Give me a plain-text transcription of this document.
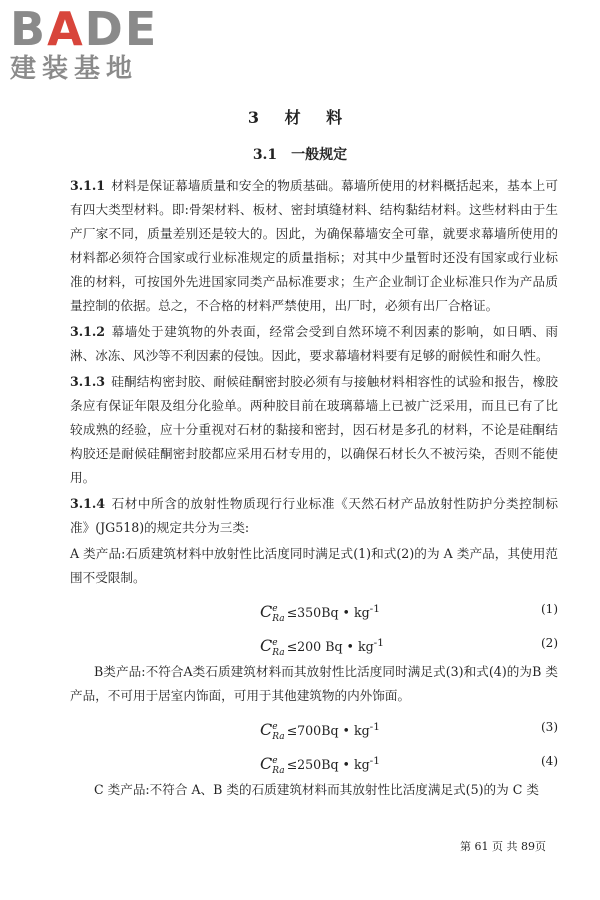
BADE
建装基地
3 材 料
3.1　一般规定

3.1.1 材料是保证幕墙质量和安全的物质基础。幕墙所使用的材料概括起来，基本上可有四大类型材料。即:骨架材料、板材、密封填缝材料、结构黏结材料。这些材料由于生产厂家不同，质量差别还是较大的。因此，为确保幕墙安全可靠，就要求幕墙所使用的材料都必须符合国家或行业标准规定的质量指标；对其中少量暂时还没有国家或行业标准的材料，可按国外先进国家同类产品标准要求；生产企业制订企业标准只作为产品质量控制的依据。总之，不合格的材料严禁使用，出厂时，必须有出厂合格证。

3.1.2 幕墙处于建筑物的外表面，经常会受到自然环境不利因素的影响，如日晒、雨淋、冰冻、风沙等不利因素的侵蚀。因此，要求幕墙材料要有足够的耐候性和耐久性。

3.1.3 硅酮结构密封胶、耐候硅酮密封胶必须有与接触材料相容性的试验和报告，橡胶条应有保证年限及组分化验单。两种胶目前在玻璃幕墙上已被广泛采用，而且已有了比较成熟的经验，应十分重视对石材的黏接和密封，因石材是多孔的材料，不论是硅酮结构胶还是耐候硅酮密封胶都应采用石材专用的，以确保石材长久不被污染，否则不能使用。

3.1.4 石材中所含的放射性物质现行行业标准《天然石材产品放射性防护分类控制标准》(JG518)的规定共分为三类:

A 类产品:石质建筑材料中放射性比活度同时满足式(1)和式(2)的为 A 类产品，其使用范围不受限制。

C e
Ra ≤350Bq • $kg^{-1}$	(1)
C e
Ra ≤200 Bq • $kg^{-1}$	(2)

B类产品:不符合A类石质建筑材料而其放射性比活度同时满足式(3)和式(4)的为B 类产品，不可用于居室内饰面，可用于其他建筑物的内外饰面。

C e
Ra ≤700Bq • $kg^{-1}$	(3)
C e
Ra ≤250Bq • $kg^{-1}$	(4)

C 类产品:不符合 A、B 类的石质建筑材料而其放射性比活度满足式(5)的为 C 类

第 61 页 共 89页
